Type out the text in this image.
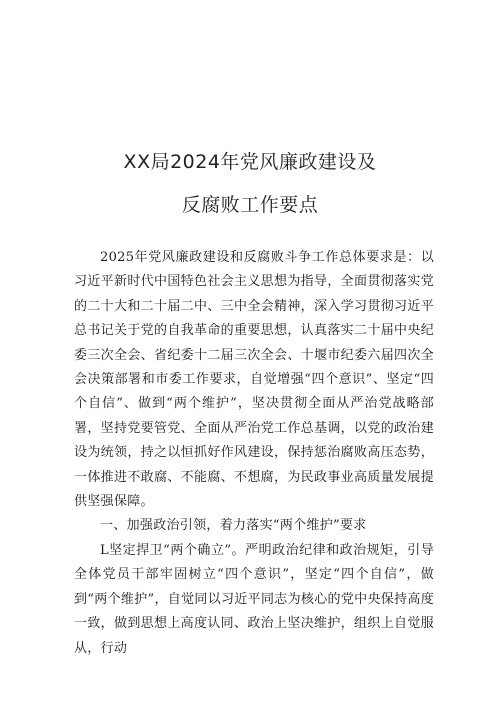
XX局2024年党风廉政建设及
反腐败工作要点

2025年党风廉政建设和反腐败斗争工作总体要求是：以习近平新时代中国特色社会主义思想为指导，全面贯彻落实党的二十大和二十届二中、三中全会精神，深入学习贯彻习近平总书记关于党的自我革命的重要思想，认真落实二十届中央纪委三次全会、省纪委十二届三次全会、十堰市纪委六届四次全会决策部署和市委工作要求，自觉增强“四个意识”、坚定“四个自信”、做到“两个维护”，坚决贯彻全面从严治党战略部署，坚持党要管党、全面从严治党工作总基调，以党的政治建设为统领，持之以恒抓好作风建设，保持惩治腐败高压态势，一体推进不敢腐、不能腐、不想腐，为民政事业高质量发展提供坚强保障。

一、加强政治引领，着力落实“两个维护”要求

L坚定捍卫“两个确立”。严明政治纪律和政治规矩，引导全体党员干部牢固树立“四个意识”，坚定“四个自信”，做到“两个维护”，自觉同以习近平同志为核心的党中央保持高度一致，做到思想上高度认同、政治上坚决维护，组织上自觉服从，行动
